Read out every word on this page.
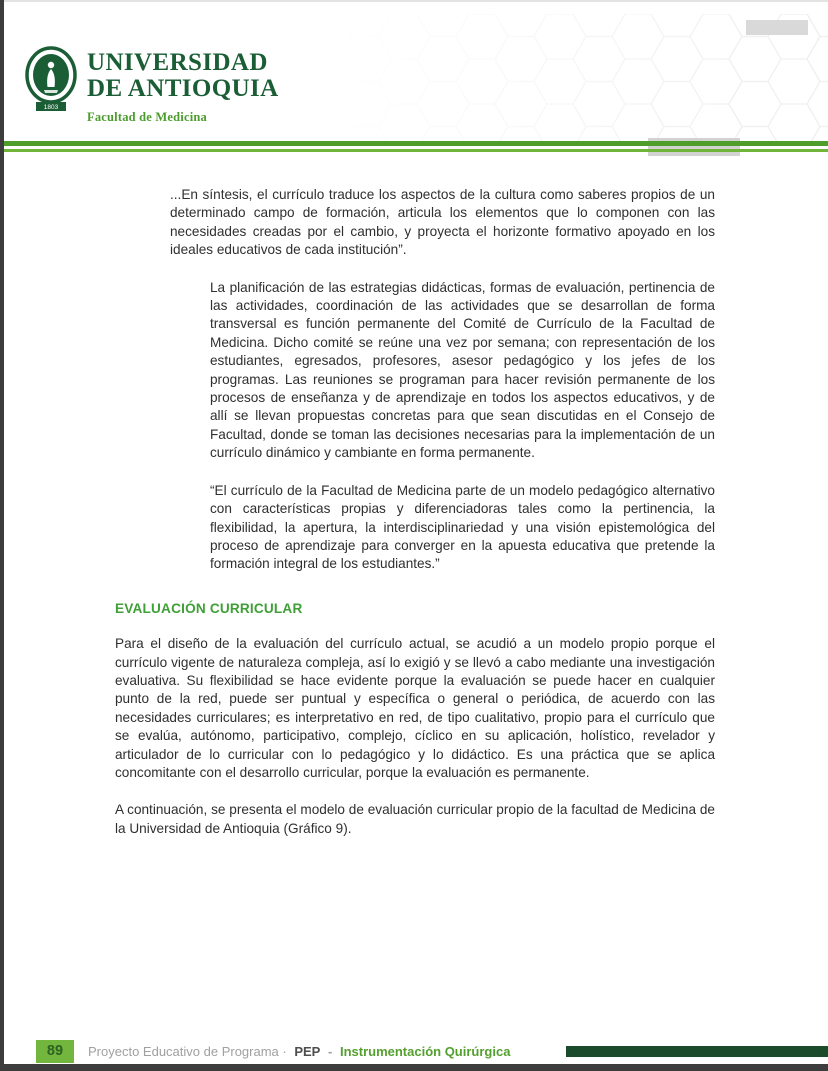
1803
UNIVERSIDAD
DE ANTIOQUIA
Facultad de Medicina

...En síntesis, el currículo traduce los aspectos de la cultura como saberes propios de un determinado campo de formación, articula los elementos que lo componen con las necesidades creadas por el cambio, y proyecta el horizonte formativo apoyado en los ideales educativos de cada institución”.

La planificación de las estrategias didácticas, formas de evaluación, pertinencia de las actividades, coordinación de las actividades que se desarrollan de forma transversal es función permanente del Comité de Currículo de la Facultad de Medicina. Dicho comité se reúne una vez por semana; con representación de los estudiantes, egresados, profesores, asesor pedagógico y los jefes de los programas. Las reuniones se programan para hacer revisión permanente de los procesos de enseñanza y de aprendizaje en todos los aspectos educativos, y de allí se llevan propuestas concretas para que sean discutidas en el Consejo de Facultad, donde se toman las decisiones necesarias para la implementación de un currículo dinámico y cambiante en forma permanente.

“El currículo de la Facultad de Medicina parte de un modelo pedagógico alternativo con características propias y diferenciadoras tales como la pertinencia, la flexibilidad, la apertura, la interdisciplinariedad y una visión epistemológica del proceso de aprendizaje para converger en la apuesta educativa que pretende la formación integral de los estudiantes.”

EVALUACIÓN CURRICULAR

Para el diseño de la evaluación del currículo actual, se acudió a un modelo propio porque el currículo vigente de naturaleza compleja, así lo exigió y se llevó a cabo mediante una investigación evaluativa. Su flexibilidad se hace evidente porque la evaluación se puede hacer en cualquier punto de la red, puede ser puntual y específica o general o periódica, de acuerdo con las necesidades curriculares; es interpretativo en red, de tipo cualitativo, propio para el currículo que se evalúa, autónomo, participativo, complejo, cíclico en su aplicación, holístico, revelador y articulador de lo curricular con lo pedagógico y lo didáctico. Es una práctica que se aplica concomitante con el desarrollo curricular, porque la evaluación es permanente.

A continuación, se presenta el modelo de evaluación curricular propio de la facultad de Medicina de la Universidad de Antioquia (Gráfico 9).

89	Proyecto Educativo de Programa · PEP - Instrumentación Quirúrgica
